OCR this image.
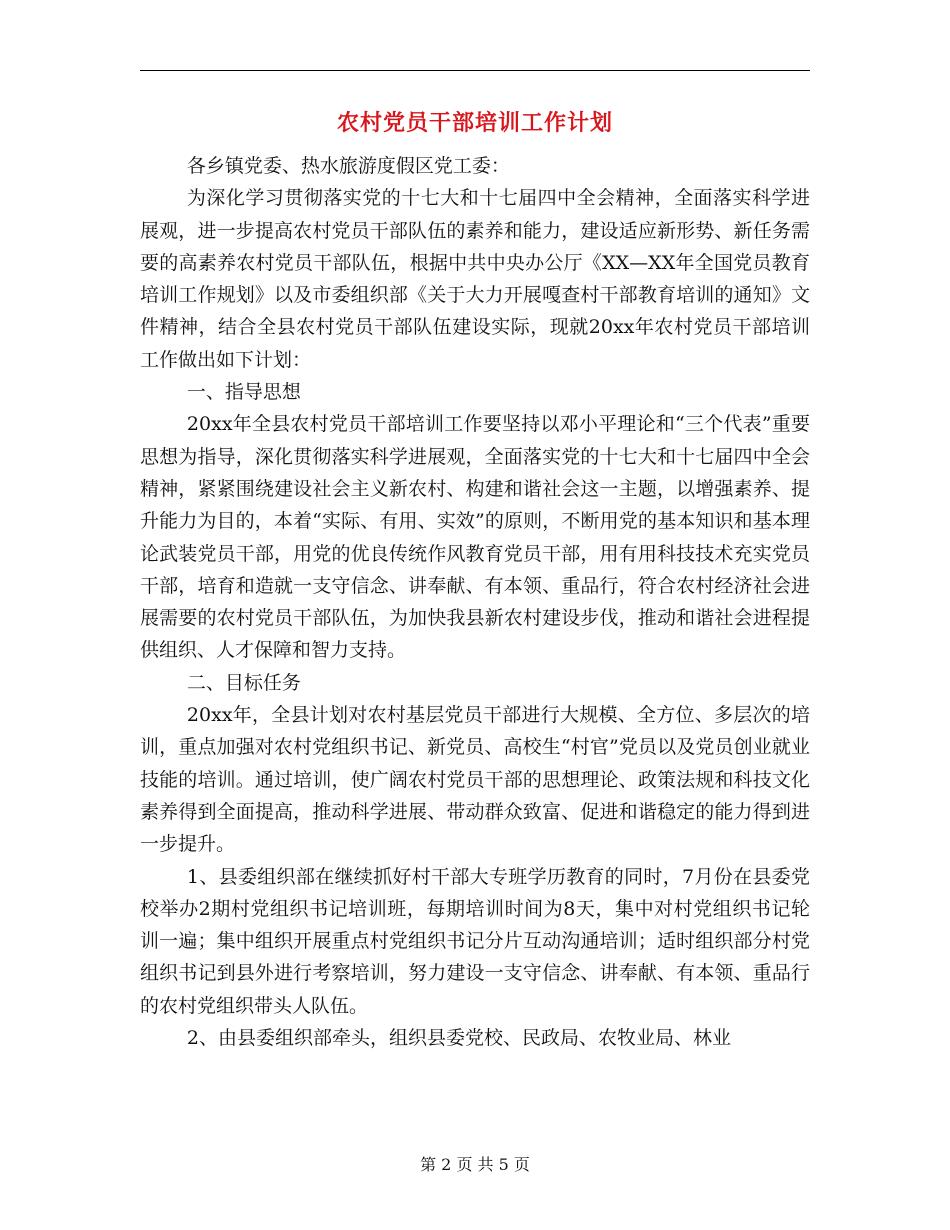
农村党员干部培训工作计划

各乡镇党委、热水旅游度假区党工委：

为深化学习贯彻落实党的十七大和十七届四中全会精神，全面落实科学进展观，进一步提高农村党员干部队伍的素养和能力，建设适应新形势、新任务需要的高素养农村党员干部队伍，根据中共中央办公厅《XX—XX年全国党员教育培训工作规划》以及市委组织部《关于大力开展嘎查村干部教育培训的通知》文件精神，结合全县农村党员干部队伍建设实际，现就20xx年农村党员干部培训工作做出如下计划：

一、指导思想

20xx年全县农村党员干部培训工作要坚持以邓小平理论和“三个代表”重要思想为指导，深化贯彻落实科学进展观，全面落实党的十七大和十七届四中全会精神，紧紧围绕建设社会主义新农村、构建和谐社会这一主题，以增强素养、提升能力为目的，本着“实际、有用、实效”的原则，不断用党的基本知识和基本理论武装党员干部，用党的优良传统作风教育党员干部，用有用科技技术充实党员干部，培育和造就一支守信念、讲奉献、有本领、重品行，符合农村经济社会进展需要的农村党员干部队伍，为加快我县新农村建设步伐，推动和谐社会进程提供组织、人才保障和智力支持。

二、目标任务

20xx年，全县计划对农村基层党员干部进行大规模、全方位、多层次的培训，重点加强对农村党组织书记、新党员、高校生“村官”党员以及党员创业就业技能的培训。通过培训，使广阔农村党员干部的思想理论、政策法规和科技文化素养得到全面提高，推动科学进展、带动群众致富、促进和谐稳定的能力得到进一步提升。

1、县委组织部在继续抓好村干部大专班学历教育的同时，7月份在县委党校举办2期村党组织书记培训班，每期培训时间为8天，集中对村党组织书记轮训一遍；集中组织开展重点村党组织书记分片互动沟通培训；适时组织部分村党组织书记到县外进行考察培训，努力建设一支守信念、讲奉献、有本领、重品行的农村党组织带头人队伍。

2、由县委组织部牵头，组织县委党校、民政局、农牧业局、林业

第 2 页 共 5 页
